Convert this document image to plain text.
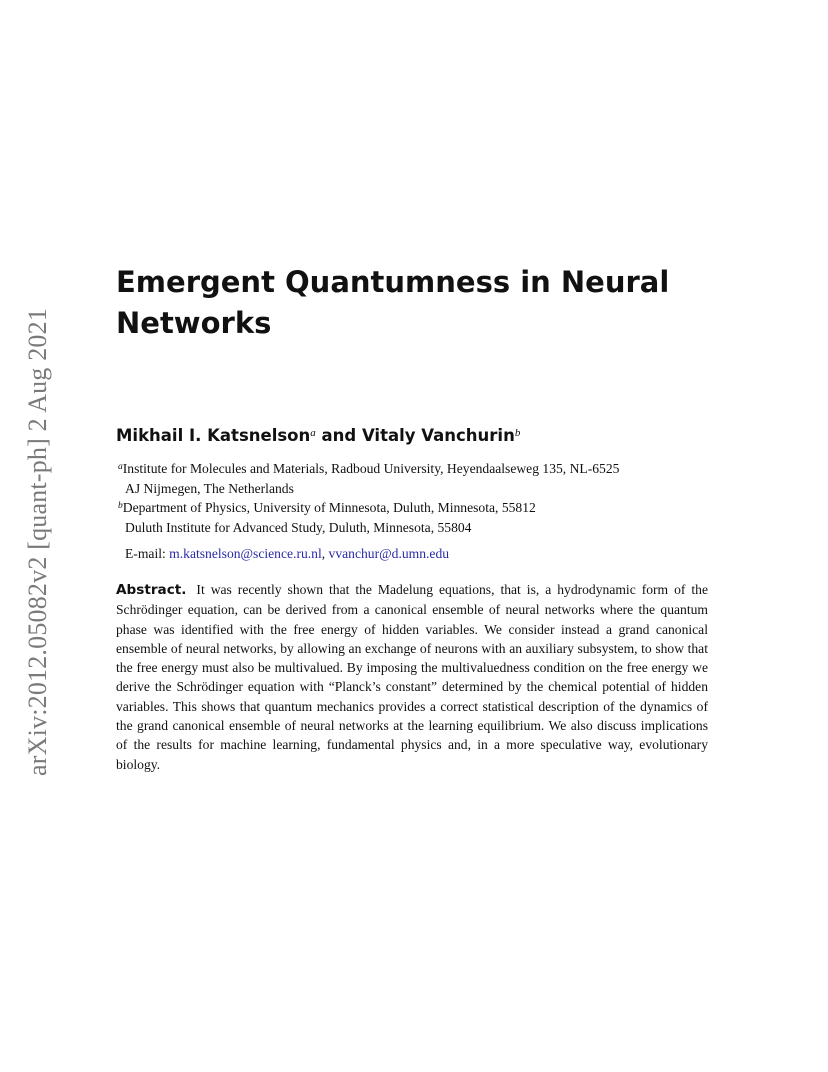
arXiv:2012.05082v2 [quant-ph] 2 Aug 2021
Emergent Quantumness in Neural
Networks
Mikhail I. Katsnelson$^a$ and Vitaly Vanchurin$^b$

$^a$Institute for Molecules and Materials, Radboud University, Heyendaalseweg 135, NL-6525

AJ Nijmegen, The Netherlands

$^b$Department of Physics, University of Minnesota, Duluth, Minnesota, 55812

Duluth Institute for Advanced Study, Duluth, Minnesota, 55804

E-mail: m.katsnelson@science.ru.nl, vvanchur@d.umn.edu

Abstract. It was recently shown that the Madelung equations, that is, a hydrodynamic form of the Schrödinger equation, can be derived from a canonical ensemble of neural networks where the quantum phase was identified with the free energy of hidden variables. We consider instead a grand canonical ensemble of neural networks, by allowing an exchange of neurons with an auxiliary subsystem, to show that the free energy must also be multivalued. By imposing the multivaluedness condition on the free energy we derive the Schrödinger equation with “Planck’s constant” determined by the chemical potential of hidden variables. This shows that quantum mechanics provides a correct statistical description of the dynamics of the grand canonical ensemble of neural networks at the learning equilibrium. We also discuss implications of the results for machine learning, fundamental physics and, in a more speculative way, evolutionary biology.
